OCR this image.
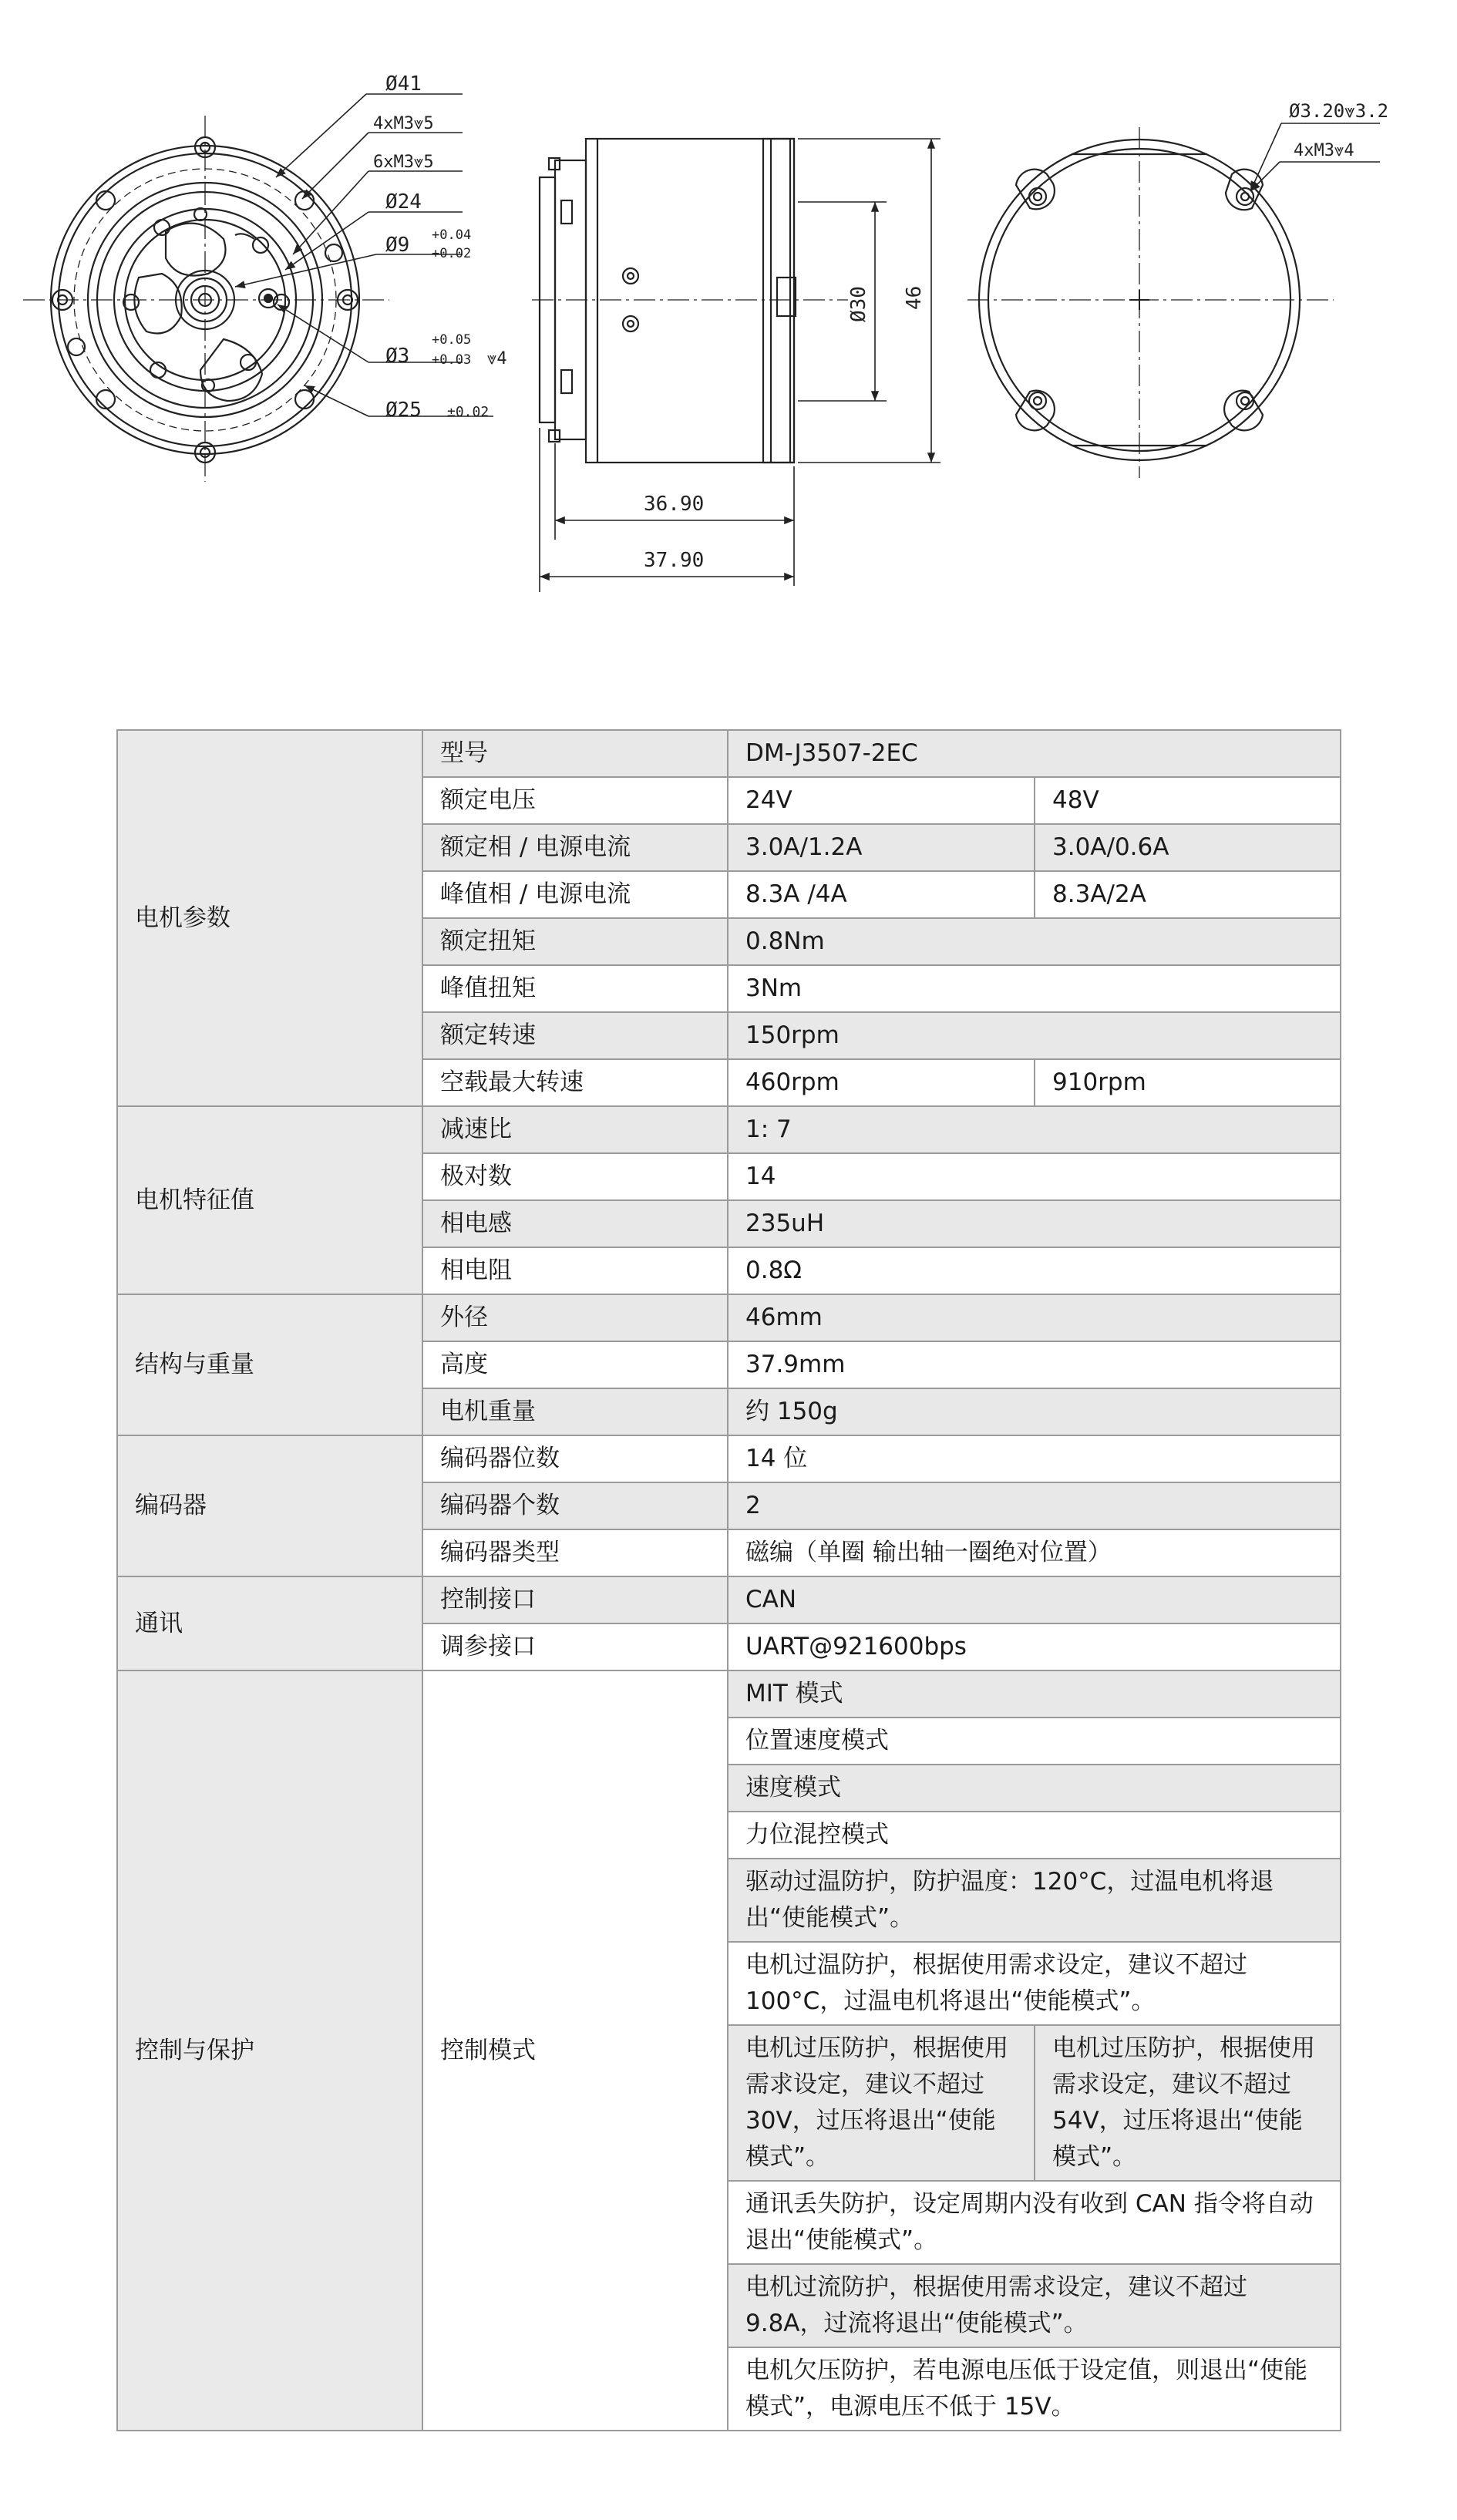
Ø41
4xM3⩔5
6xM3⩔5
Ø24
Ø9 +0.04
+0.02
Ø3
+0.05
+0.03 ⩔4
Ø25 ±0.02
Ø30 46
36.90
37.90
Ø3.20⩔3.2
4xM3⩔4
电机参数	型号	DM-J3507-2EC	
	额定电压	24V	48V
	额定相 / 电源电流	3.0A/1.2A	3.0A/0.6A
	峰值相 / 电源电流	8.3A /4A	8.3A/2A
	额定扭矩	0.8Nm	
	峰值扭矩	3Nm	
	额定转速	150rpm	
	空载最大转速	460rpm	910rpm
电机特征值	减速比	1: 7	
	极对数	14	
	相电感	235uH	
	相电阻	0.8Ω	
结构与重量	外径	46mm	
	高度	37.9mm	
	电机重量	约 150g	
编码器	编码器位数	14 位	
	编码器个数	2	
	编码器类型	磁编（单圈 输出轴一圈绝对位置）	
通讯	控制接口	CAN	
	调参接口	UART@921600bps	
控制与保护	控制模式	MIT 模式	
		位置速度模式	
		速度模式	
		力位混控模式	
		驱动过温防护，防护温度：120°C，过温电机将退出“使能模式”。	
		电机过温防护，根据使用需求设定，建议不超过 100°C，过温电机将退出“使能模式”。	
		电机过压防护，根据使用需求设定，建议不超过 30V，过压将退出“使能模式”。	电机过压防护，根据使用需求设定，建议不超过 54V，过压将退出“使能模式”。
		通讯丢失防护，设定周期内没有收到 CAN 指令将自动退出“使能模式”。	
		电机过流防护，根据使用需求设定，建议不超过 9.8A，过流将退出“使能模式”。	
		电机欠压防护，若电源电压低于设定值，则退出“使能模式”，电源电压不低于 15V。	
